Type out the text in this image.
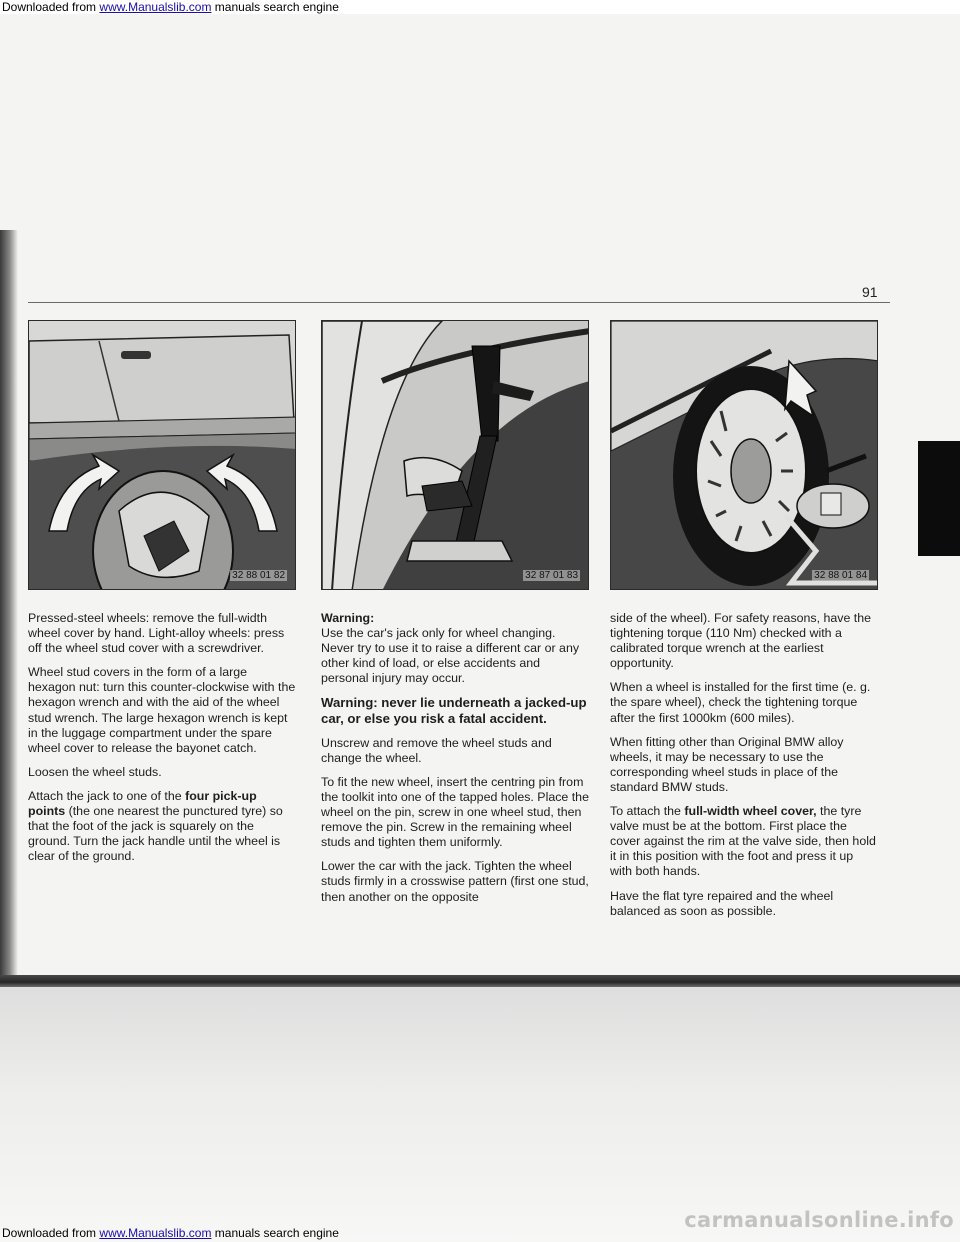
Downloaded from www.Manualslib.com manuals search engine
91
32 88 01 82	32 87 01 83	32 88 01 84

Pressed-steel wheels: remove the full-width wheel cover by hand. Light-alloy wheels: press off the wheel stud cover with a screwdriver.

Wheel stud covers in the form of a large hexagon nut: turn this counter-clockwise with the hexagon wrench and with the aid of the wheel stud wrench. The large hexagon wrench is kept in the luggage compartment under the spare wheel cover to release the bayonet catch.

Loosen the wheel studs.

Attach the jack to one of the four pick-up points (the one nearest the punctured tyre) so that the foot of the jack is squarely on the ground. Turn the jack handle until the wheel is clear of the ground.

Warning:
Use the car's jack only for wheel changing. Never try to use it to raise a different car or any other kind of load, or else accidents and personal injury may occur.

Warning: never lie underneath a jacked-up car, or else you risk a fatal accident.

Unscrew and remove the wheel studs and change the wheel.

To fit the new wheel, insert the centring pin from the toolkit into one of the tapped holes. Place the wheel on the pin, screw in one wheel stud, then remove the pin. Screw in the remaining wheel studs and tighten them uniformly.

Lower the car with the jack. Tighten the wheel studs firmly in a crosswise pattern (first one stud, then another on the opposite

side of the wheel). For safety reasons, have the tightening torque (110 Nm) checked with a calibrated torque wrench at the earliest opportunity.

When a wheel is installed for the first time (e. g. the spare wheel), check the tightening torque after the first 1000km (600 miles).

When fitting other than Original BMW alloy wheels, it may be necessary to use the corresponding wheel studs in place of the standard BMW studs.

To attach the full-width wheel cover, the tyre valve must be at the bottom. First place the cover against the rim at the valve side, then hold it in this position with the foot and press it up with both hands.

Have the flat tyre repaired and the wheel balanced as soon as possible.

carmanualsonline.info
Downloaded from www.Manualslib.com manuals search engine
